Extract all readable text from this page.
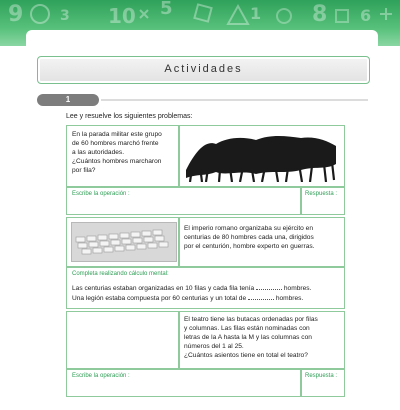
9	10 5	8
1	6
3
Actividades
1
Lee y resuelve los siguientes problemas:
En la parada militar este grupo
de 60 hombres marchó frente
a las autoridades.
¿Cuántos hombres marcharon
por fila?
Escribe la operación :	Respuesta :
El imperio romano organizaba su ejército en
centurias de 80 hombres cada una, dirigidos
por el centurión, hombre experto en guerras.
Completa realizando cálculo mental:
Las centurias estaban organizadas en 10 filas y cada fila tenía	hombres.
Una legión estaba compuesta por 60 centurias y un total de	hombres.
El teatro tiene las butacas ordenadas por filas
y columnas. Las filas están nominadas con
letras de la A hasta la M y las columnas con
números del 1 al 25.
¿Cuántos asientos tiene en total el teatro?
Escribe la operación :	Respuesta :
